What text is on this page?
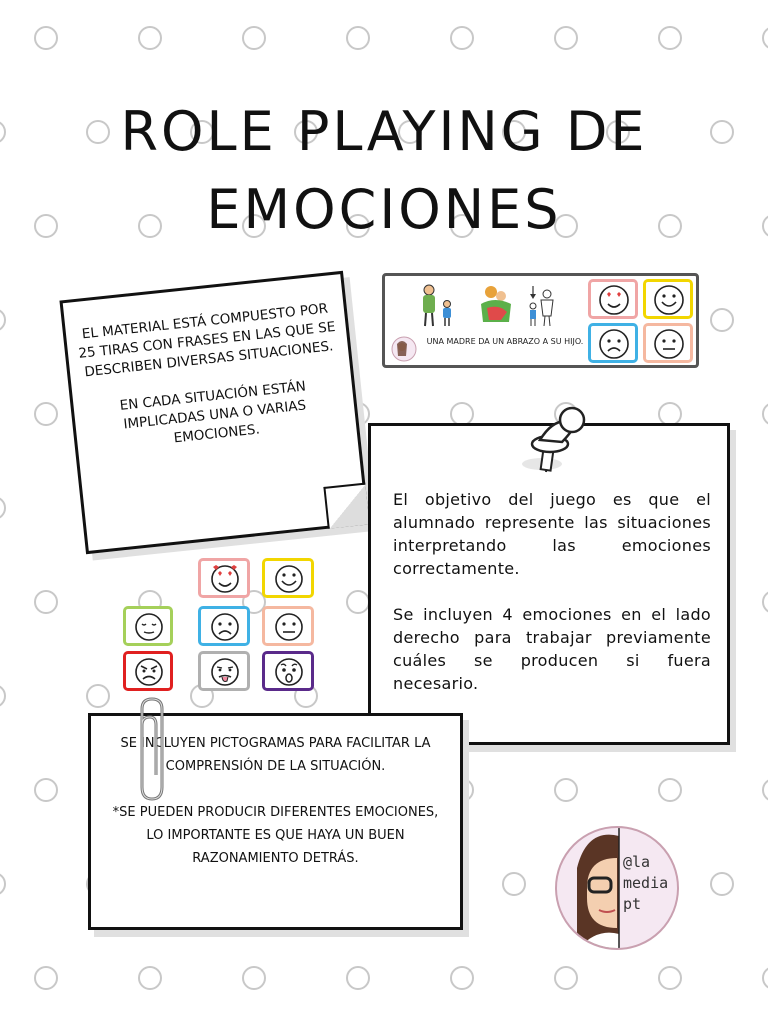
ROLE PLAYING DE
EMOCIONES

EL MATERIAL ESTÁ COMPUESTO POR 25 TIRAS CON FRASES EN LAS QUE SE DESCRIBEN DIVERSAS SITUACIONES.

EN CADA SITUACIÓN ESTÁN IMPLICADAS UNA O VARIAS EMOCIONES.

UNA MADRE DA UN ABRAZO A SU HIJO.

El objetivo del juego es que el alumnado represente las situaciones interpretando las emociones correctamente.

Se incluyen 4 emociones en el lado derecho para trabajar previamente cuáles se producen si fuera necesario.

SE INCLUYEN PICTOGRAMAS PARA FACILITAR LA COMPRENSIÓN DE LA SITUACIÓN.

*SE PUEDEN PRODUCIR DIFERENTES EMOCIONES, LO IMPORTANTE ES QUE HAYA UN BUEN RAZONAMIENTO DETRÁS.	@la
media
pt
